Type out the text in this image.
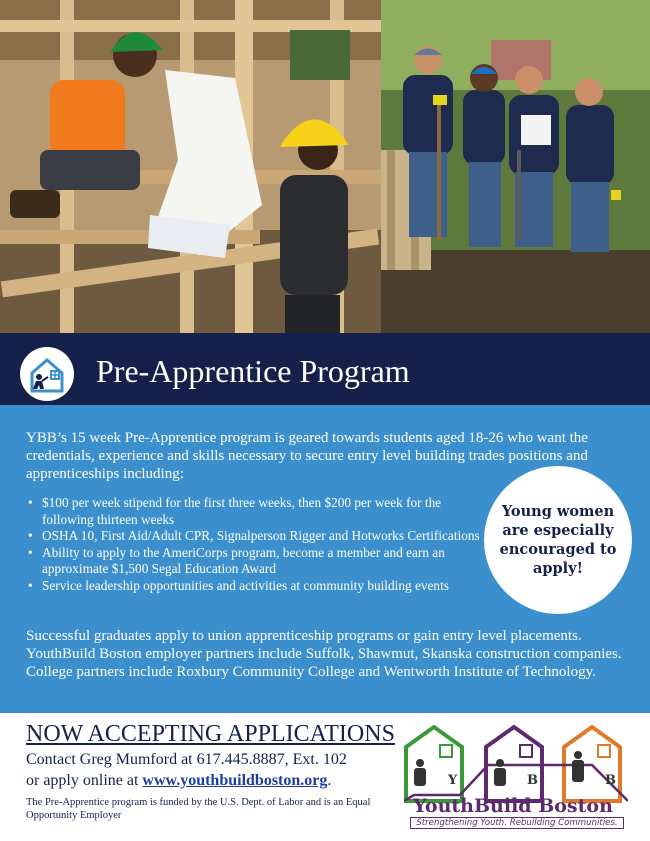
Pre-Apprentice Program
YBB’s 15 week Pre-Apprentice program is geared towards students aged 18-26 who want the credentials, experience and skills necessary to secure entry level building trades positions and apprenticeships including:
• $100 per week stipend for the first three weeks, then $200 per week for the following thirteen weeks
• OSHA 10, First Aid/Adult CPR, Signalperson Rigger and Hotworks Certifications
• Ability to apply to the AmeriCorps program, become a member and earn an approximate $1,500 Segal Education Award
• Service leadership opportunities and activities at community building events
Successful graduates apply to union apprenticeship programs or gain entry level placements. YouthBuild Boston employer partners include Suffolk, Shawmut, Skanska construction companies. College partners include Roxbury Community College and Wentworth Institute of Technology.
Young women are especially encouraged to apply!
NOW ACCEPTING APPLICATIONS
Contact Greg Mumford at 617.445.8887, Ext. 102
or apply online at www.youthbuildboston.org.
The Pre-Apprentice program is funded by the U.S. Dept. of Labor and is an Equal Opportunity Employer
Y	B	B
YouthBuild Boston
Strengthening Youth. Rebuilding Communities.
